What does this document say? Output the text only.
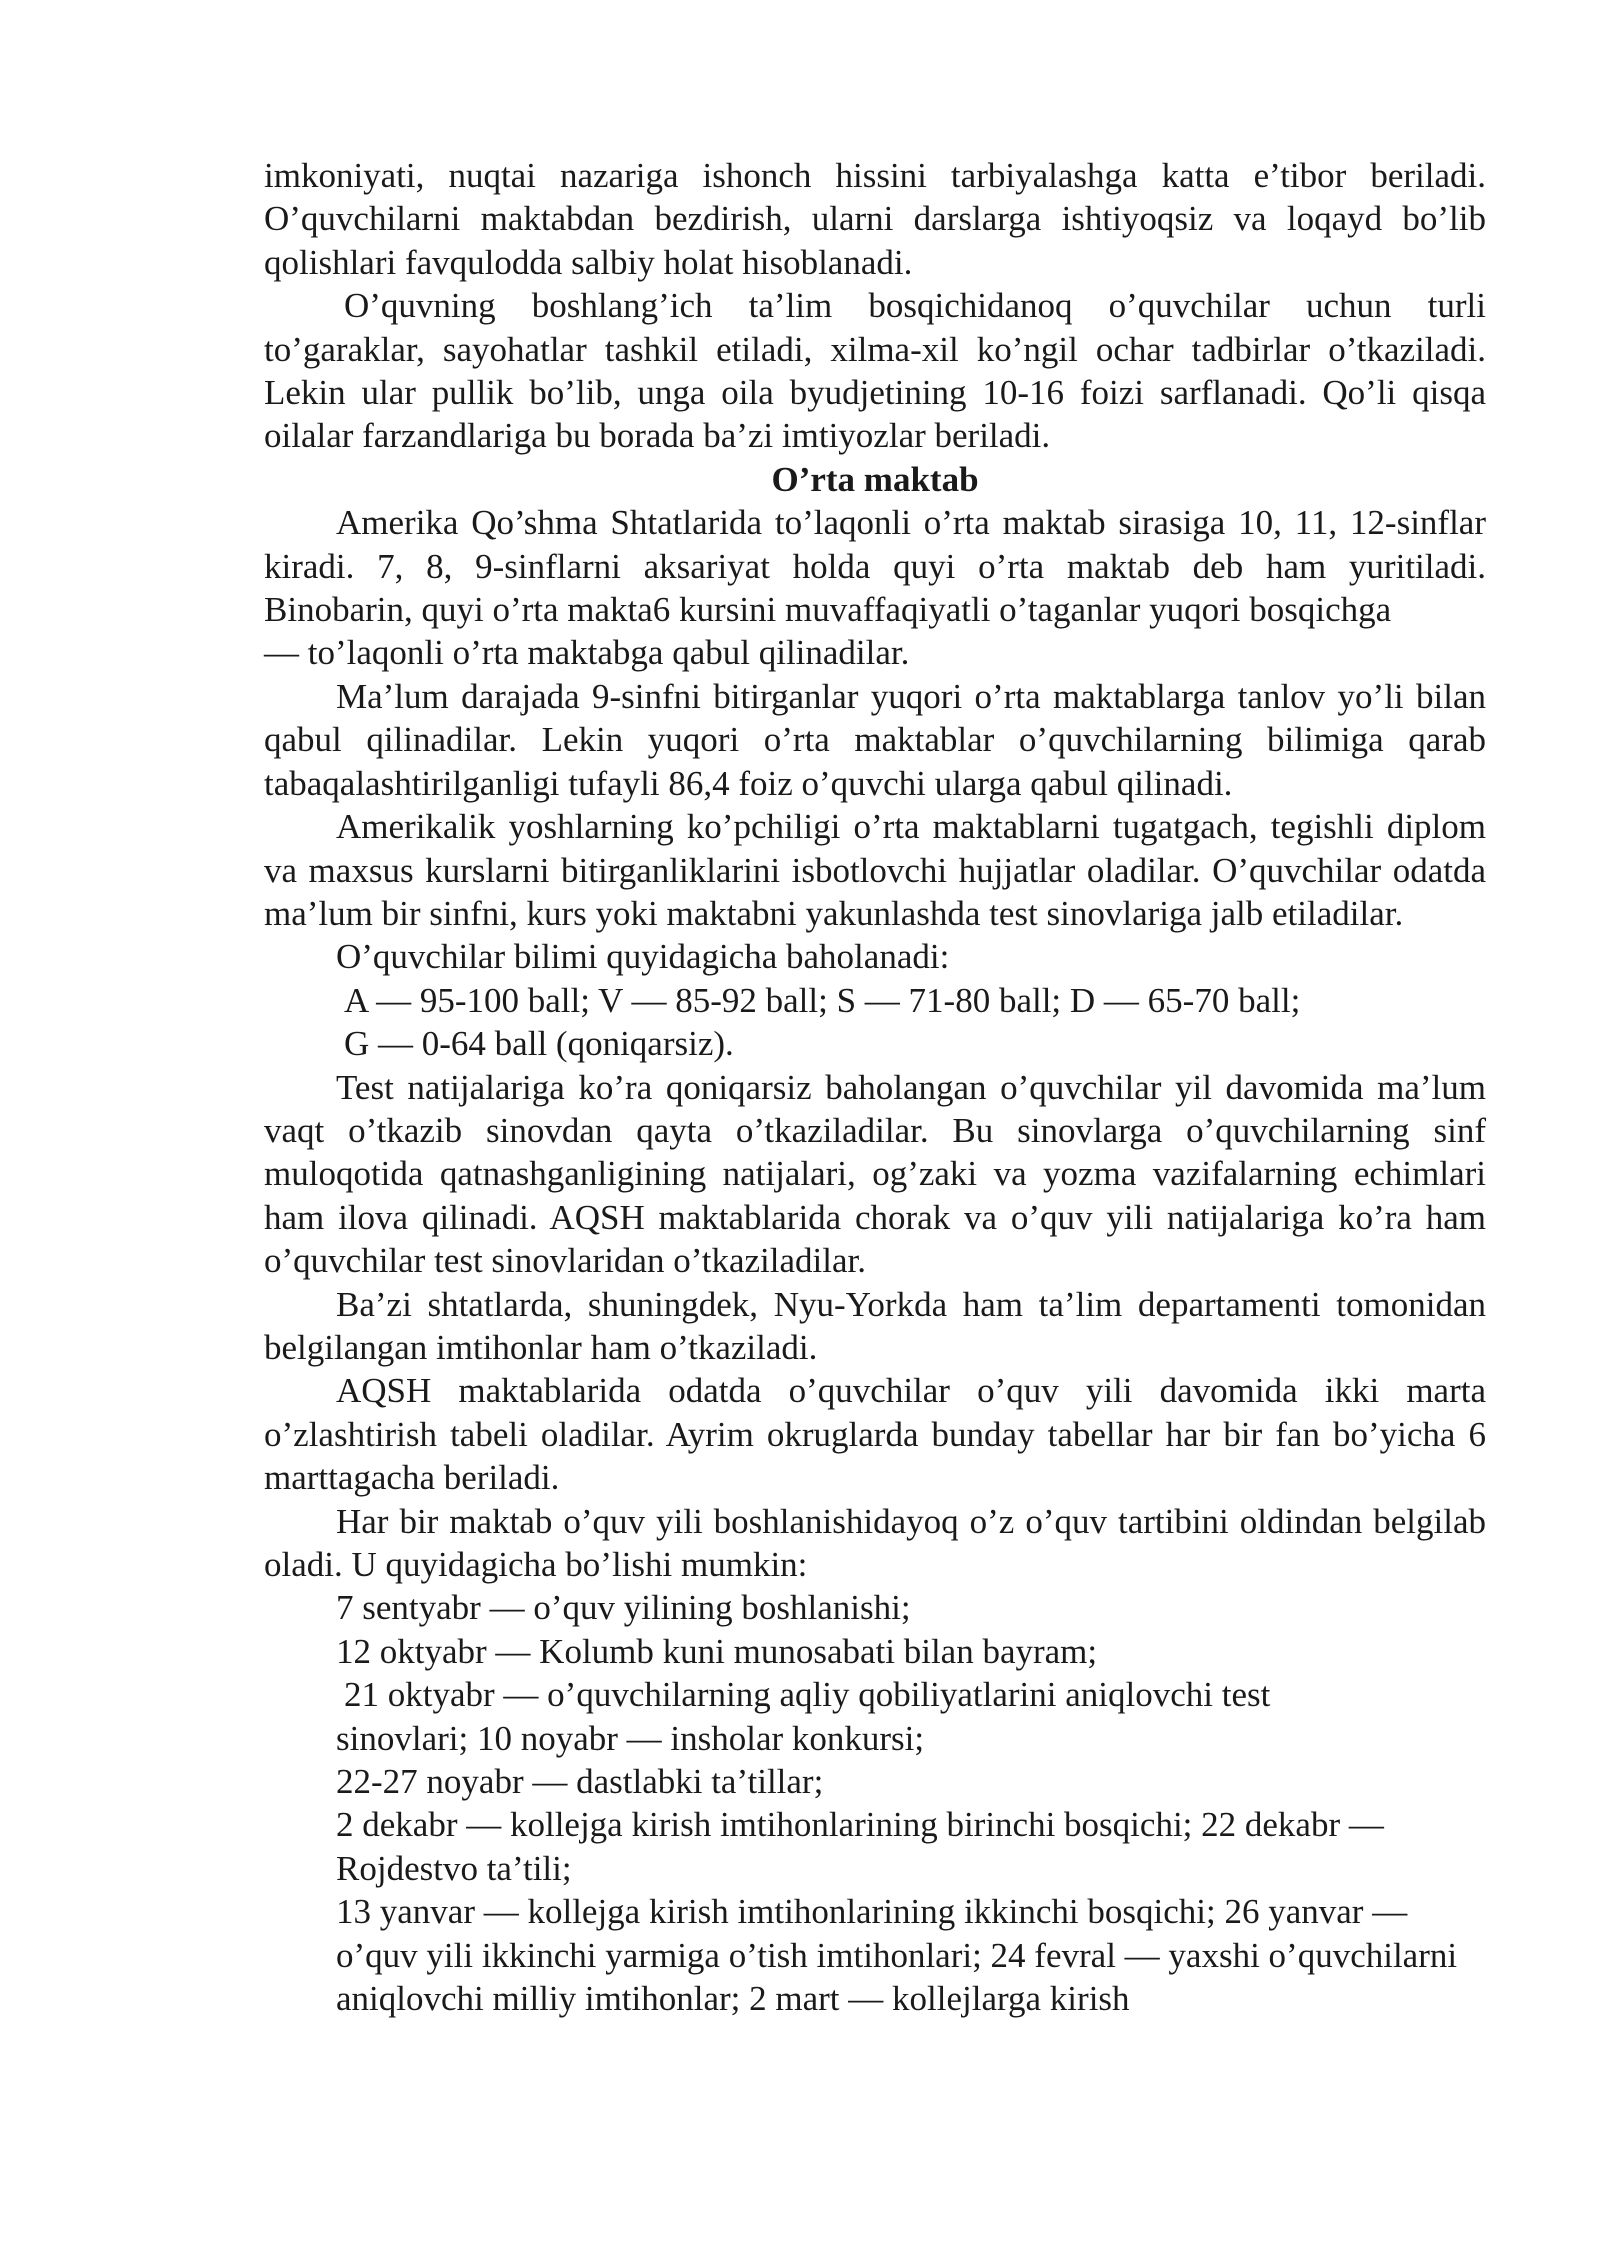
imkoniyati, nuqtai nazariga ishonch hissini tarbiyalashga katta e’tibor beriladi. O’quvchilarni maktabdan bezdirish, ularni darslarga ishtiyoqsiz va loqayd bo’lib qolishlari favqulodda salbiy holat hisoblanadi.

O’quvning boshlang’ich ta’lim bosqichidanoq o’quvchilar uchun turli to’garaklar, sayohatlar tashkil etiladi, xilma-xil ko’ngil ochar tadbirlar o’tkaziladi. Lekin ular pullik bo’lib, unga oila byudjetining 10-16 foizi sarflanadi. Qo’li qisqa oilalar farzandlariga bu borada ba’zi imtiyozlar beriladi.

O’rta maktab

Amerika Qo’shma Shtatlarida to’laqonli o’rta maktab sirasiga 10, 11, 12-sinflar kiradi. 7, 8, 9-sinflarni aksariyat holda quyi o’rta maktab deb ham yuritiladi. Binobarin, quyi o’rta makta6 kursini muvaffaqiyatli o’taganlar yuqori bosqichga

— to’laqonli o’rta maktabga qabul qilinadilar.

Ma’lum darajada 9-sinfni bitirganlar yuqori o’rta maktablarga tanlov yo’li bilan qabul qilinadilar. Lekin yuqori o’rta maktablar o’quvchilarning bilimiga qarab tabaqalashtirilganligi tufayli 86,4 foiz o’quvchi ularga qabul qilinadi.

Amerikalik yoshlarning ko’pchiligi o’rta maktablarni tugatgach, tegishli diplom va maxsus kurslarni bitirganliklarini isbotlovchi hujjatlar oladilar. O’quvchilar odatda ma’lum bir sinfni, kurs yoki maktabni yakunlashda test sinovlariga jalb etiladilar.

O’quvchilar bilimi quyidagicha baholanadi:

A — 95-100 ball; V — 85-92 ball; S — 71-80 ball; D — 65-70 ball;

G — 0-64 ball (qoniqarsiz).

Test natijalariga ko’ra qoniqarsiz baholangan o’quvchilar yil davomida ma’lum vaqt o’tkazib sinovdan qayta o’tkaziladilar. Bu sinovlarga o’quvchilarning sinf muloqotida qatnashganligining natijalari, og’zaki va yozma vazifalarning echimlari ham ilova qilinadi. AQSH maktablarida chorak va o’quv yili natijalariga ko’ra ham o’quvchilar test sinovlaridan o’tkaziladilar.

Ba’zi shtatlarda, shuningdek, Nyu-Yorkda ham ta’lim departamenti tomonidan belgilangan imtihonlar ham o’tkaziladi.

AQSH maktablarida odatda o’quvchilar o’quv yili davomida ikki marta o’zlashtirish tabeli oladilar. Ayrim okruglarda bunday tabellar har bir fan bo’yicha 6 marttagacha beriladi.

Har bir maktab o’quv yili boshlanishidayoq o’z o’quv tartibini oldindan belgilab oladi. U quyidagicha bo’lishi mumkin:

7 sentyabr — o’quv yilining boshlanishi;

12 oktyabr — Kolumb kuni munosabati bilan bayram;

21 oktyabr — o’quvchilarning aqliy qobiliyatlarini aniqlovchi test

sinovlari; 10 noyabr — insholar konkursi;

22-27 noyabr — dastlabki ta’tillar;

2 dekabr — kollejga kirish imtihonlarining birinchi bosqichi; 22 dekabr — Rojdestvo ta’tili;

13 yanvar — kollejga kirish imtihonlarining ikkinchi bosqichi; 26 yanvar — o’quv yili ikkinchi yarmiga o’tish imtihonlari; 24 fevral — yaxshi o’quvchilarni aniqlovchi milliy imtihonlar; 2 mart — kollejlarga kirish
